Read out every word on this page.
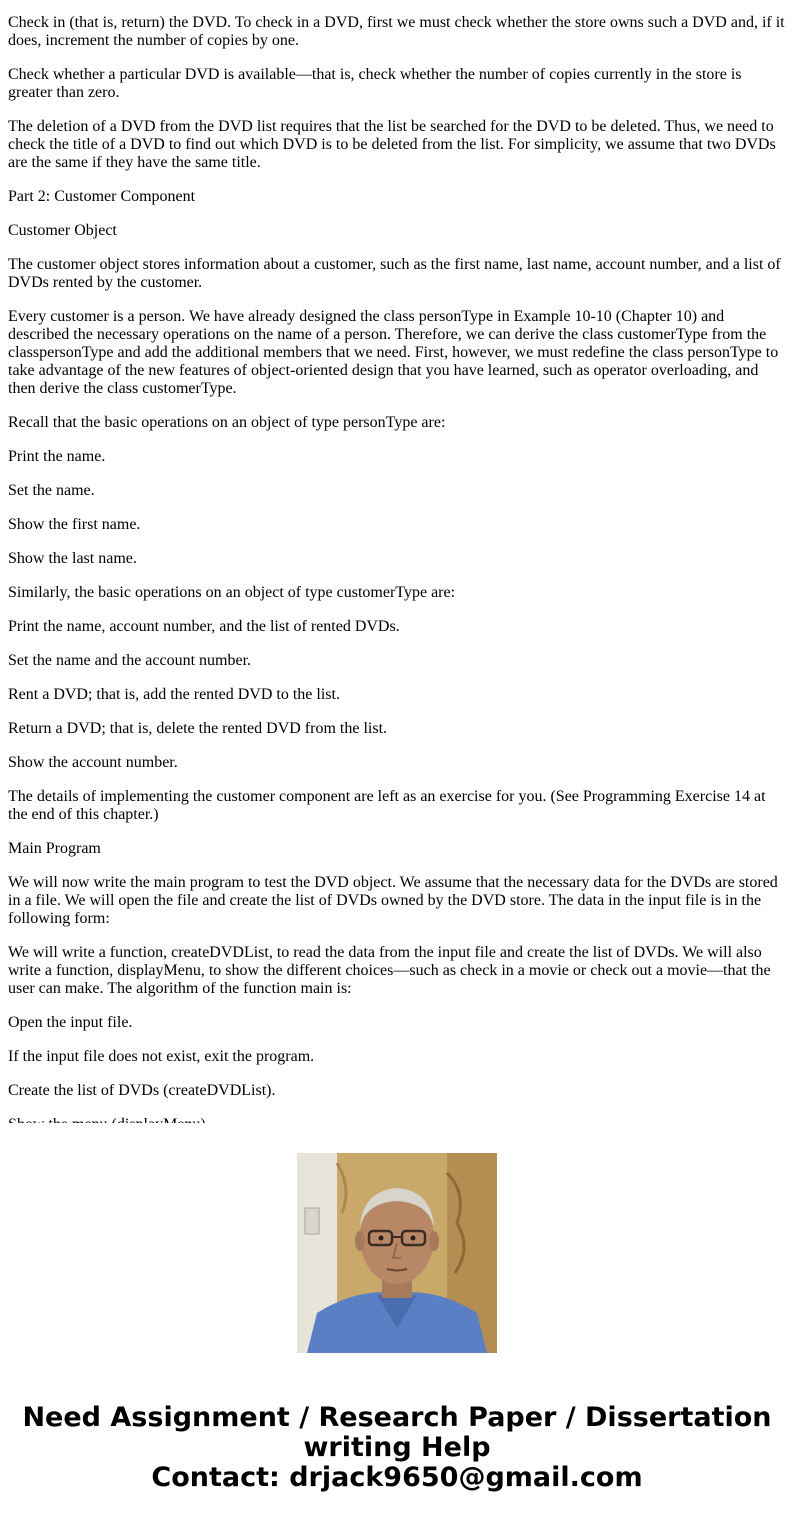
Check in (that is, return) the DVD. To check in a DVD, first we must check whether the store owns such a DVD and, if it does, increment the number of copies by one.

Check whether a particular DVD is available—that is, check whether the number of copies currently in the store is greater than zero.

The deletion of a DVD from the DVD list requires that the list be searched for the DVD to be deleted. Thus, we need to check the title of a DVD to find out which DVD is to be deleted from the list. For simplicity, we assume that two DVDs are the same if they have the same title.

Part 2: Customer Component

Customer Object

The customer object stores information about a customer, such as the first name, last name, account number, and a list of DVDs rented by the customer.

Every customer is a person. We have already designed the class personType in Example 10-10 (Chapter 10) and described the necessary operations on the name of a person. Therefore, we can derive the class customerType from the classpersonType and add the additional members that we need. First, however, we must redefine the class personType to take advantage of the new features of object-oriented design that you have learned, such as operator overloading, and then derive the class customerType.

Recall that the basic operations on an object of type personType are:

Print the name.

Set the name.

Show the first name.

Show the last name.

Similarly, the basic operations on an object of type customerType are:

Print the name, account number, and the list of rented DVDs.

Set the name and the account number.

Rent a DVD; that is, add the rented DVD to the list.

Return a DVD; that is, delete the rented DVD from the list.

Show the account number.

The details of implementing the customer component are left as an exercise for you. (See Programming Exercise 14 at the end of this chapter.)

Main Program

We will now write the main program to test the DVD object. We assume that the necessary data for the DVDs are stored in a file. We will open the file and create the list of DVDs owned by the DVD store. The data in the input file is in the following form:

We will write a function, createDVDList, to read the data from the input file and create the list of DVDs. We will also write a function, displayMenu, to show the different choices—such as check in a movie or check out a movie—that the user can make. The algorithm of the function main is:

Open the input file.

If the input file does not exist, exit the program.

Create the list of DVDs (createDVDList).

Need Assignment / Research Paper / Dissertation
writing Help
Contact: drjack9650@gmail.com
